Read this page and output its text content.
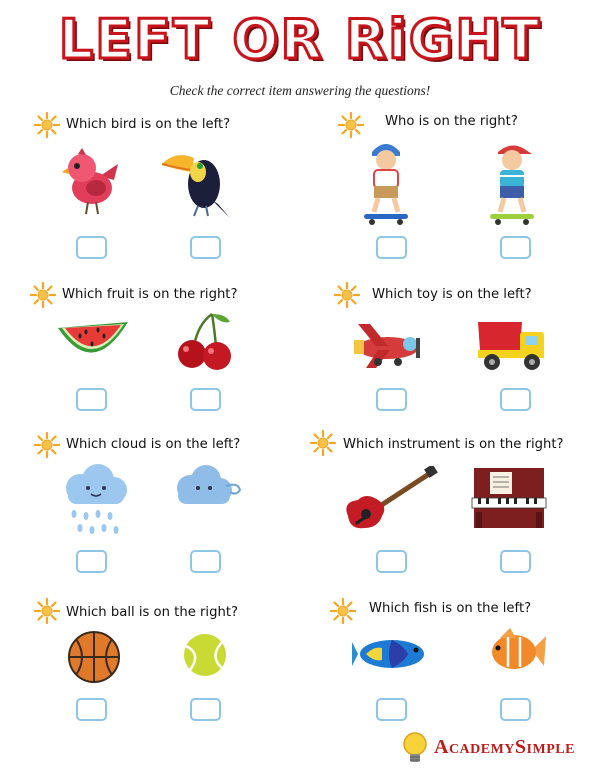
LEFT OR RiGHT
Check the correct item answering the questions!
Which bird is on the left?	Who is on the right?
Which fruit is on the right?	Which toy is on the left?
Which cloud is on the left?	Which instrument is on the right?
Which ball is on the right?	Which fish is on the left?
AcademySimple
